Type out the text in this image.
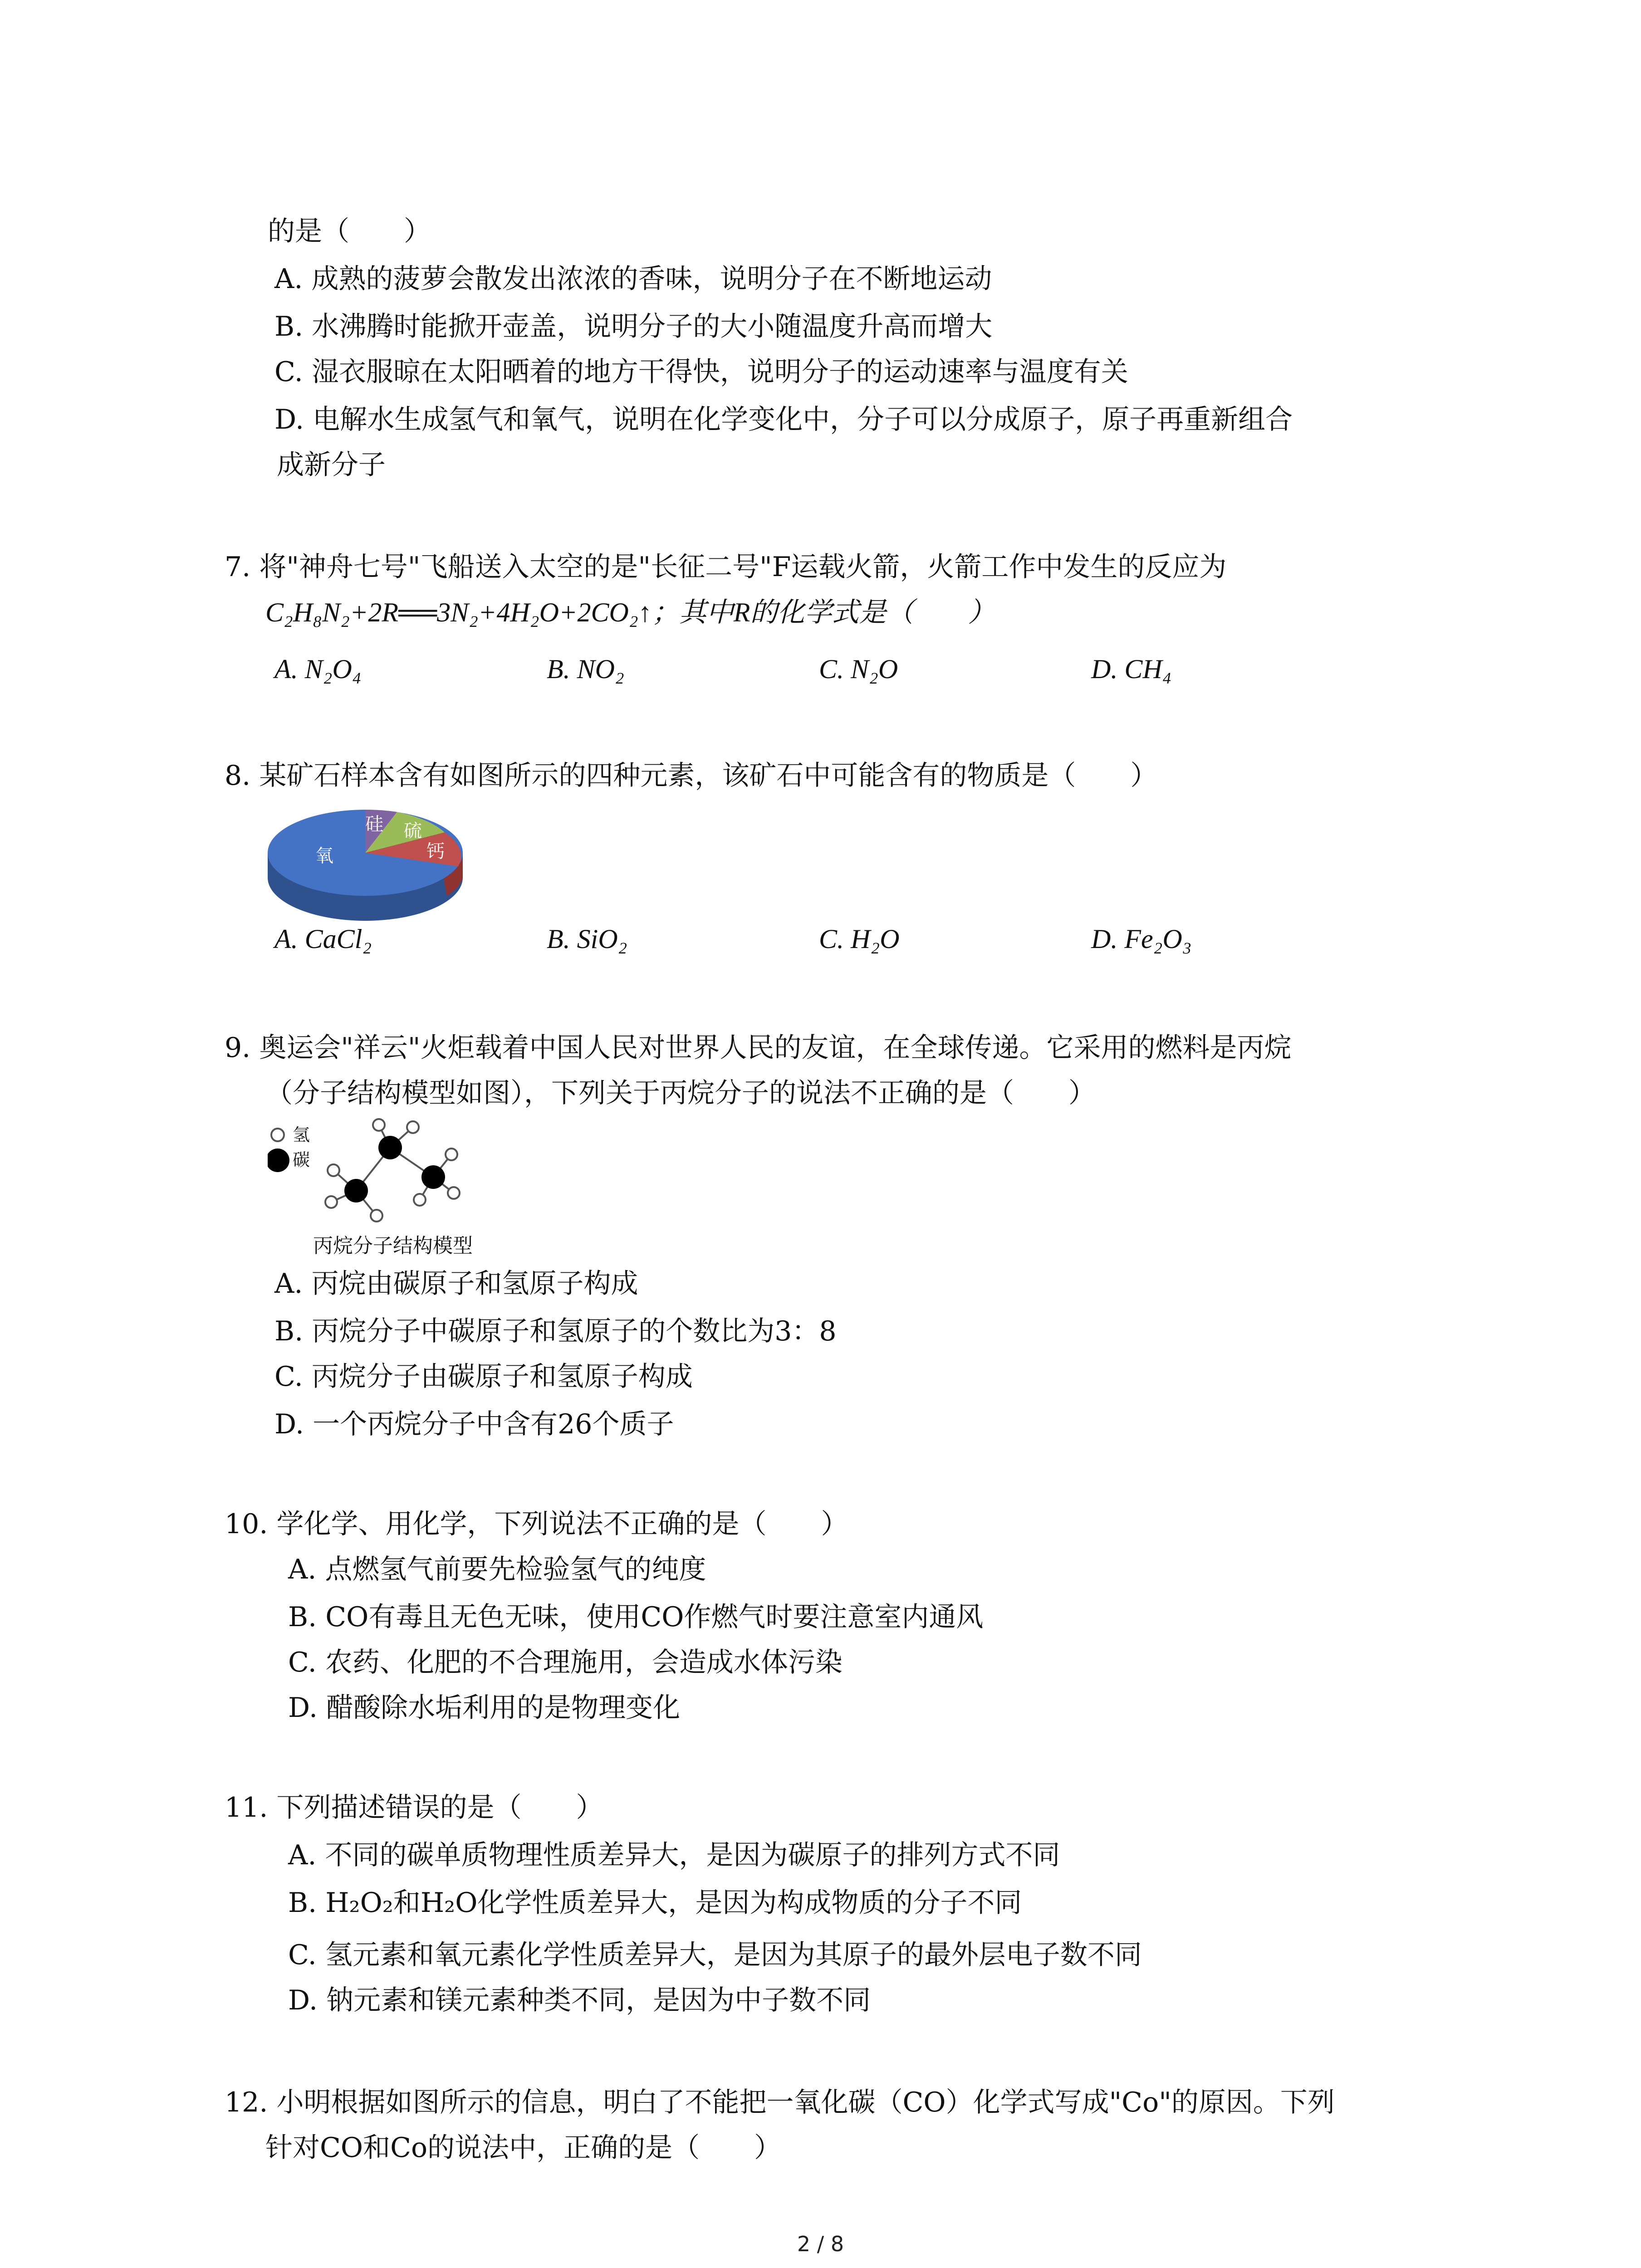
的是（　　）
A. 成熟的菠萝会散发出浓浓的香味，说明分子在不断地运动
B. 水沸腾时能掀开壶盖，说明分子的大小随温度升高而增大
C. 湿衣服晾在太阳晒着的地方干得快，说明分子的运动速率与温度有关
D. 电解水生成氢气和氧气，说明在化学变化中，分子可以分成原子，原子再重新组合
成新分子
7. 将"神舟七号"飞船送入太空的是"长征二号"F运载火箭，火箭工作中发生的反应为
C₂H₈N₂+2R══3N₂+4H₂O+2CO₂↑；其中R的化学式是（　　）
A. N₂O₄	B. NO₂	C. N₂O	D. CH₄
8. 某矿石样本含有如图所示的四种元素，该矿石中可能含有的物质是（　　）
氧
硅 硫
钙
A. CaCl₂	B. SiO₂	C. H₂O	D. Fe₂O₃
9. 奥运会"祥云"火炬载着中国人民对世界人民的友谊，在全球传递。它采用的燃料是丙烷
（分子结构模型如图），下列关于丙烷分子的说法不正确的是（　　）
氢
碳
丙烷分子结构模型
A. 丙烷由碳原子和氢原子构成
B. 丙烷分子中碳原子和氢原子的个数比为3：8
C. 丙烷分子由碳原子和氢原子构成
D. 一个丙烷分子中含有26个质子
10. 学化学、用化学，下列说法不正确的是（　　）
A. 点燃氢气前要先检验氢气的纯度
B. CO有毒且无色无味，使用CO作燃气时要注意室内通风
C. 农药、化肥的不合理施用，会造成水体污染
D. 醋酸除水垢利用的是物理变化
11. 下列描述错误的是（　　）
A. 不同的碳单质物理性质差异大，是因为碳原子的排列方式不同
B. H₂O₂和H₂O化学性质差异大，是因为构成物质的分子不同
C. 氢元素和氧元素化学性质差异大，是因为其原子的最外层电子数不同
D. 钠元素和镁元素种类不同，是因为中子数不同
12. 小明根据如图所示的信息，明白了不能把一氧化碳（CO）化学式写成"Co"的原因。下列
针对CO和Co的说法中，正确的是（　　）
2 / 8
